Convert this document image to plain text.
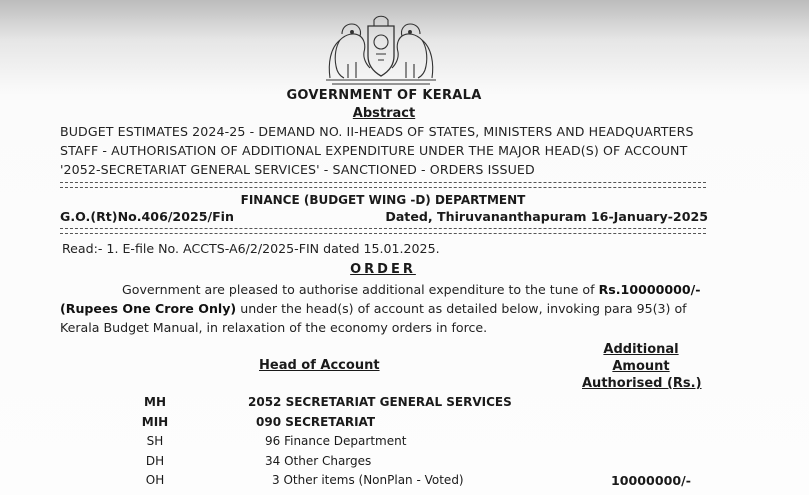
GOVERNMENT OF KERALA
Abstract
BUDGET ESTIMATES 2024-25 - DEMAND NO. II-HEADS OF STATES, MINISTERS AND HEADQUARTERS
STAFF - AUTHORISATION OF ADDITIONAL EXPENDITURE UNDER THE MAJOR HEAD(S) OF ACCOUNT
'2052-SECRETARIAT GENERAL SERVICES' - SANCTIONED - ORDERS ISSUED
FINANCE (BUDGET WING -D) DEPARTMENT
G.O.(Rt)No.406/2025/Fin	Dated, Thiruvananthapuram 16-January-2025
Read:- 1. E-file No. ACCTS-A6/2/2025-FIN dated 15.01.2025.
ORDER
Government are pleased to authorise additional expenditure to the tune of Rs.10000000/-
(Rupees One Crore Only) under the head(s) of account as detailed below, invoking para 95(3) of
Kerala Budget Manual, in relaxation of the economy orders in force.
Head of Account
Additional
Amount
Authorised (Rs.)
MH	2052 SECRETARIAT GENERAL SERVICES
MIH	090 SECRETARIAT
SH	96 Finance Department
DH	34 Other Charges
OH	3 Other items (NonPlan - Voted)	10000000/-
